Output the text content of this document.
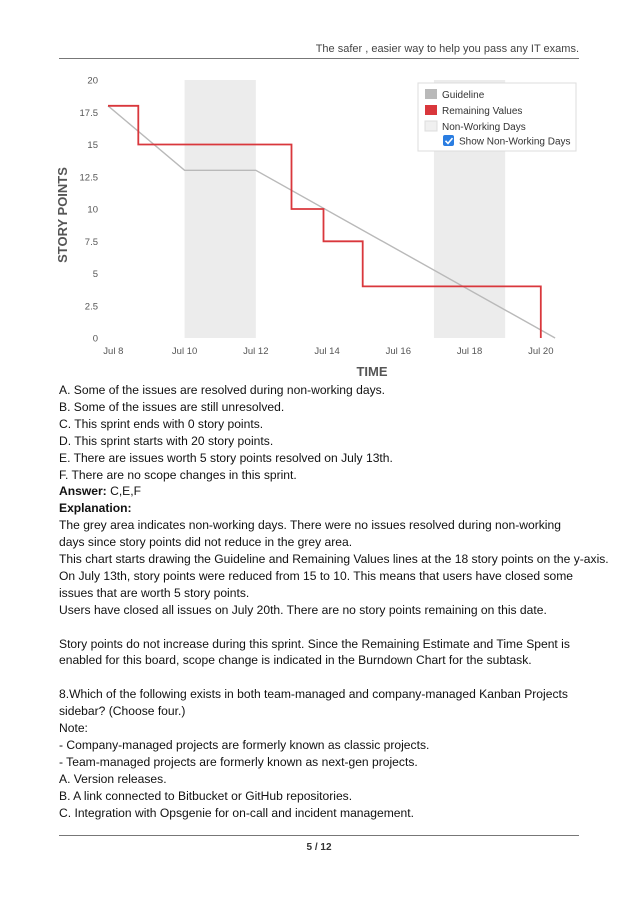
The safer , easier way to help you pass any IT exams.
0
2.5
5
7.5
10
12.5
15
17.5
20
Jul 8	Jul 10	Jul 12	Jul 14	Jul 16	Jul 18	Jul 20
STORY POINTS
TIME
Guideline
Remaining Values
Non-Working Days
Show Non-Working Days

A. Some of the issues are resolved during non-working days.

B. Some of the issues are still unresolved.

C. This sprint ends with 0 story points.

D. This sprint starts with 20 story points.

E. There are issues worth 5 story points resolved on July 13th.

F. There are no scope changes in this sprint.

Answer: C,E,F

Explanation:

The grey area indicates non-working days. There were no issues resolved during non-working days since story points did not reduce in the grey area.

This chart starts drawing the Guideline and Remaining Values lines at the 18 story points on the y-axis.

On July 13th, story points were reduced from 15 to 10. This means that users have closed some issues that are worth 5 story points.

Users have closed all issues on July 20th. There are no story points remaining on this date.

Story points do not increase during this sprint. Since the Remaining Estimate and Time Spent is enabled for this board, scope change is indicated in the Burndown Chart for the subtask.

8.Which of the following exists in both team-managed and company-managed Kanban Projects sidebar? (Choose four.)

Note:

- Company-managed projects are formerly known as classic projects.

- Team-managed projects are formerly known as next-gen projects.

A. Version releases.

B. A link connected to Bitbucket or GitHub repositories.

C. Integration with Opsgenie for on-call and incident management.

5 / 12
